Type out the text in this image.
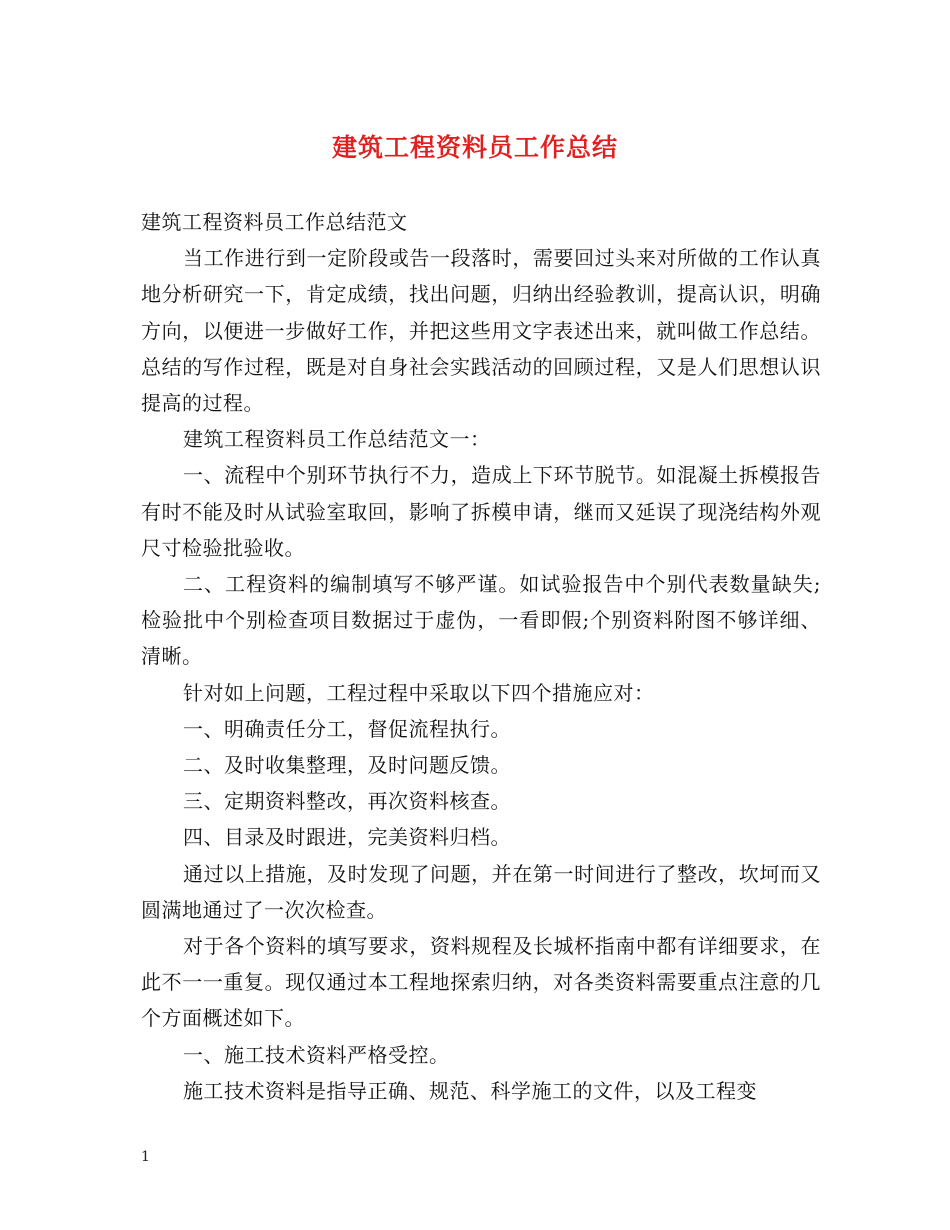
建筑工程资料员工作总结

建筑工程资料员工作总结范文

当工作进行到一定阶段或告一段落时，需要回过头来对所做的工作认真地分析研究一下，肯定成绩，找出问题，归纳出经验教训，提高认识，明确方向，以便进一步做好工作，并把这些用文字表述出来，就叫做工作总结。总结的写作过程，既是对自身社会实践活动的回顾过程，又是人们思想认识提高的过程。

建筑工程资料员工作总结范文一：

一、流程中个别环节执行不力，造成上下环节脱节。如混凝土拆模报告有时不能及时从试验室取回，影响了拆模申请，继而又延误了现浇结构外观尺寸检验批验收。

二、工程资料的编制填写不够严谨。如试验报告中个别代表数量缺失;检验批中个别检查项目数据过于虚伪，一看即假;个别资料附图不够详细、清晰。

针对如上问题，工程过程中采取以下四个措施应对：

一、明确责任分工，督促流程执行。

二、及时收集整理，及时问题反馈。

三、定期资料整改，再次资料核查。

四、目录及时跟进，完美资料归档。

通过以上措施，及时发现了问题，并在第一时间进行了整改，坎坷而又圆满地通过了一次次检查。

对于各个资料的填写要求，资料规程及长城杯指南中都有详细要求，在此不一一重复。现仅通过本工程地探索归纳，对各类资料需要重点注意的几个方面概述如下。

一、施工技术资料严格受控。

施工技术资料是指导正确、规范、科学施工的文件，以及工程变

1
